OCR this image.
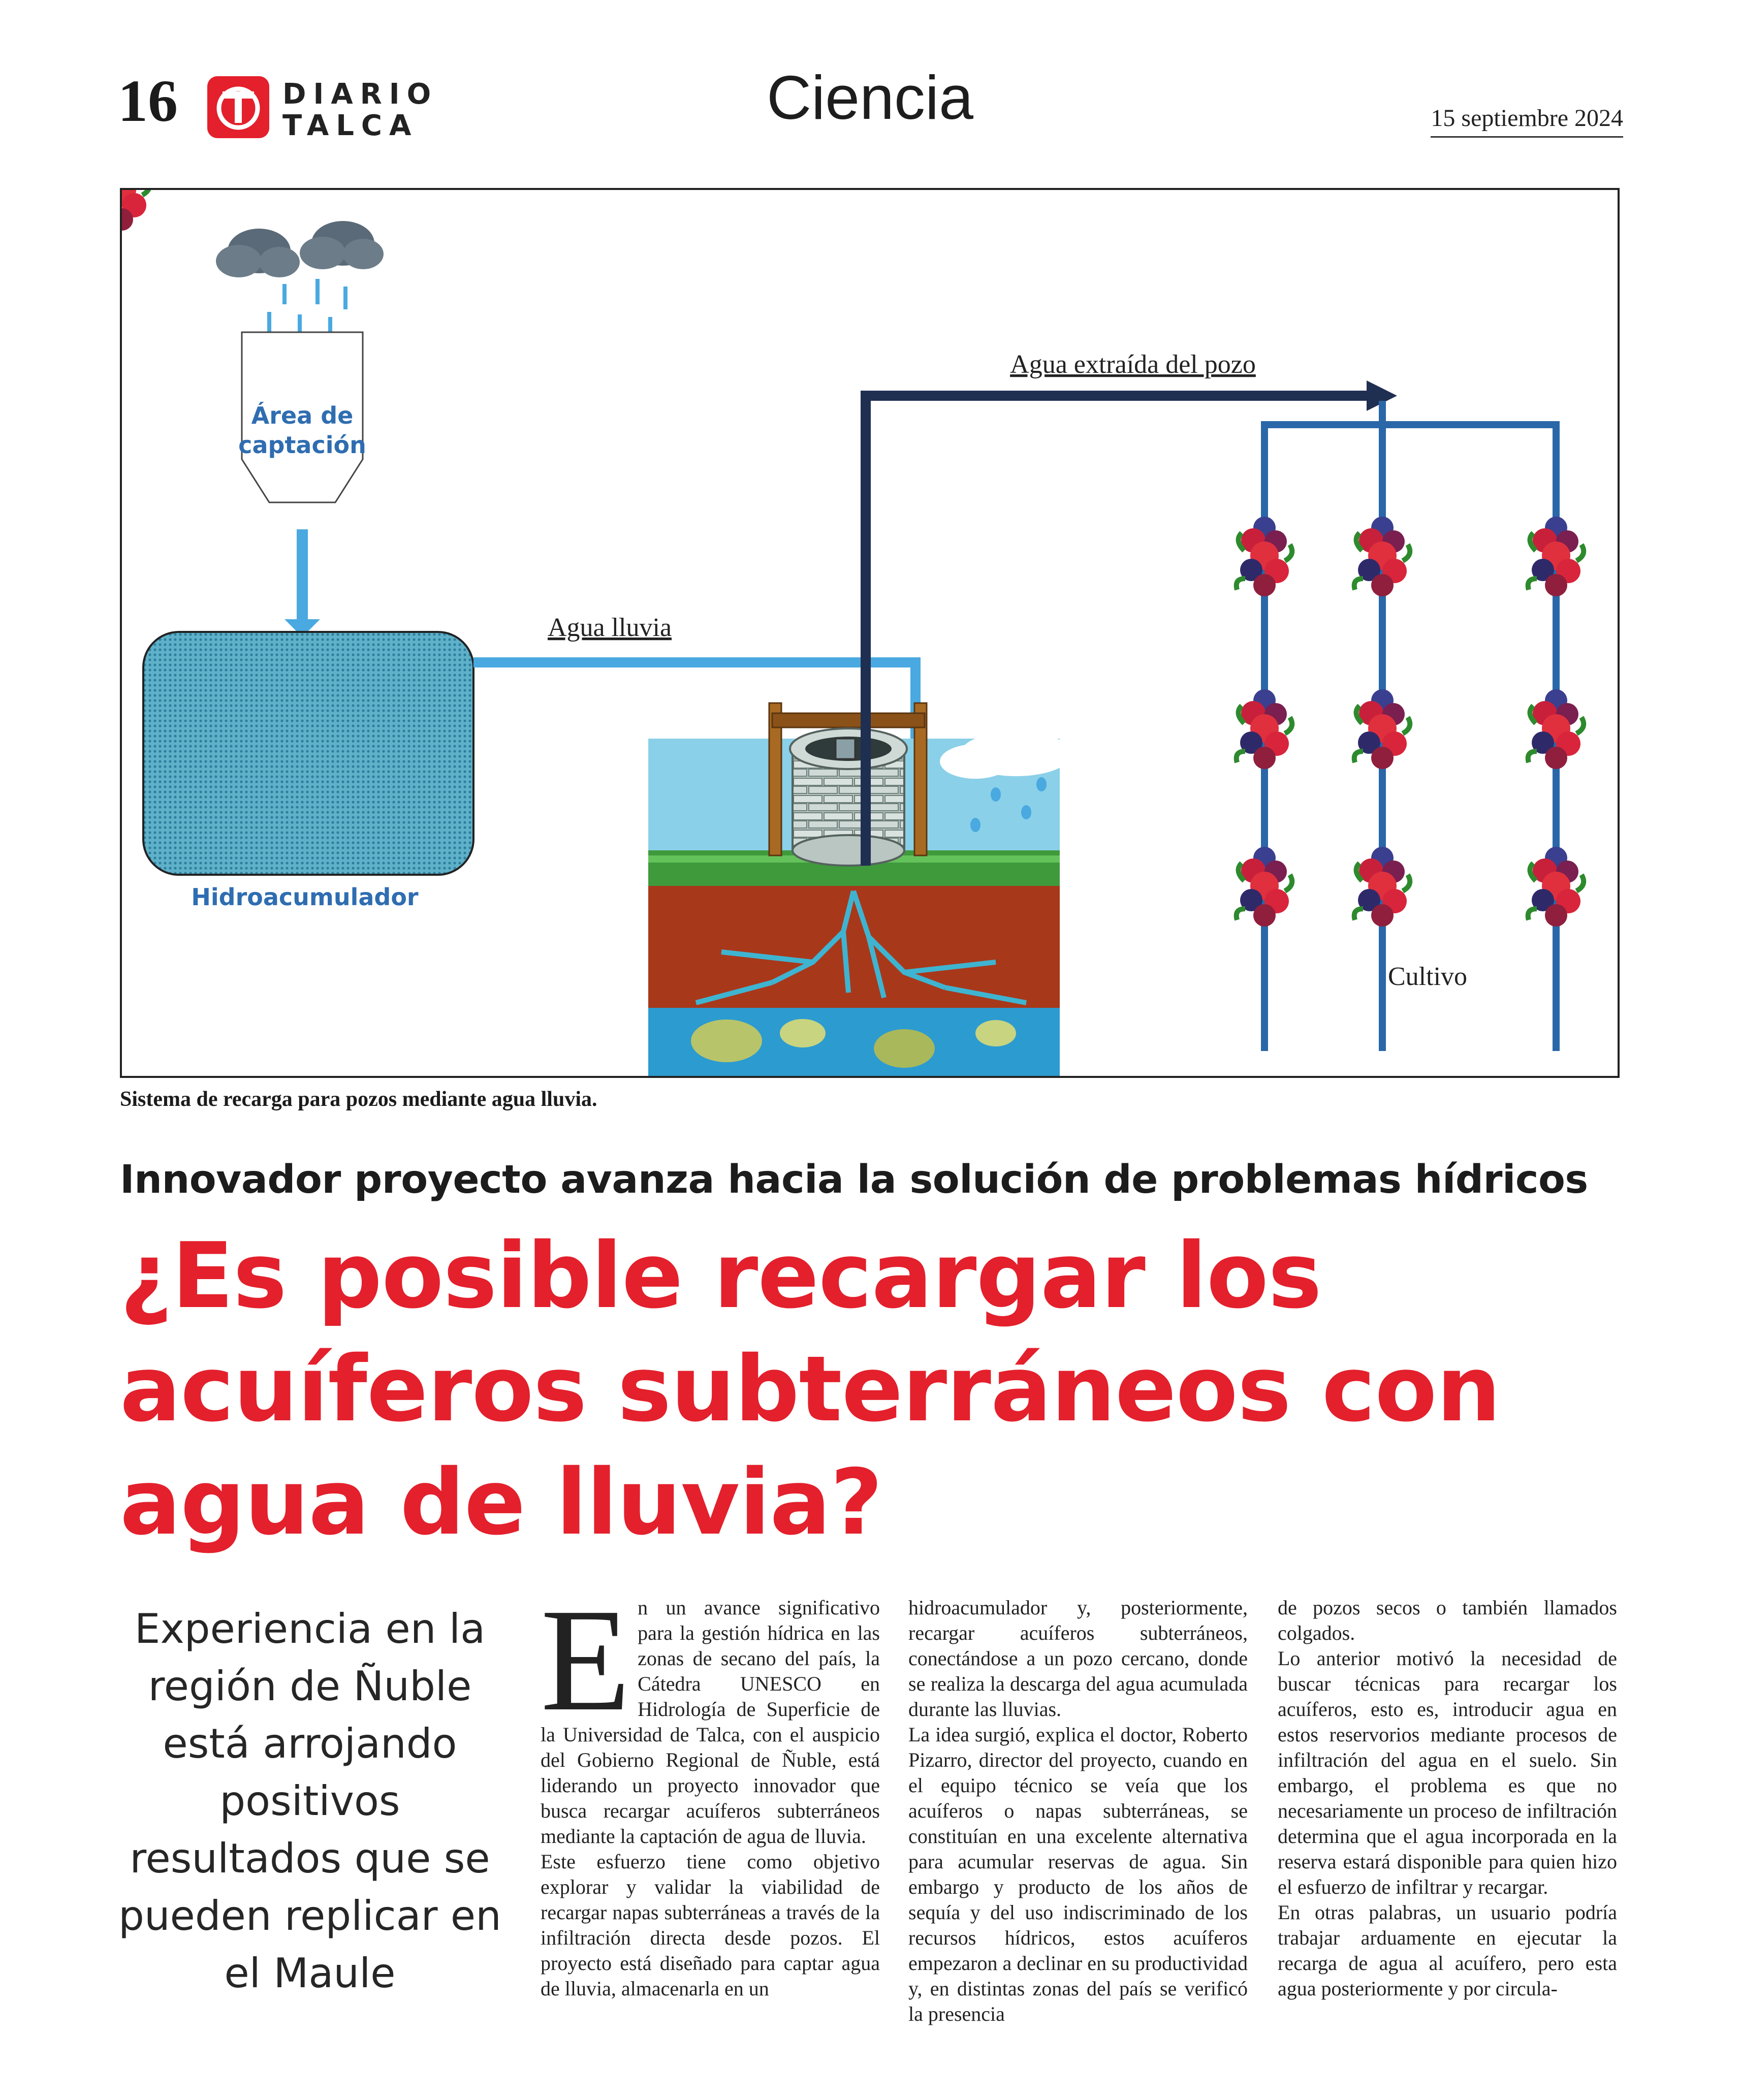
16	DIARIO
TALCA	Ciencia	15 septiembre 2024
Área de
captación
Hidroacumulador
Agua lluvia
Agua extraída del pozo
Cultivo
Sistema de recarga para pozos mediante agua lluvia.
Innovador proyecto avanza hacia la solución de problemas hídricos
¿Es posible recargar los
acuíferos subterráneos con
agua de lluvia?
Experiencia en la región de Ñuble está arrojando positivos resultados que se pueden replicar en el Maule
E n un avance significativo para la gestión hídrica en las zonas de secano del país, la Cátedra UNESCO en Hidrología de Superficie de la Universidad de Talca, con el auspicio del Gobierno Regional de Ñuble, está liderando un proyecto innovador que busca recargar acuíferos subterráneos mediante la captación de agua de lluvia.

Este esfuerzo tiene como objetivo explorar y validar la viabilidad de recargar napas subterráneas a través de la infiltración directa desde pozos. El proyecto está diseñado para captar agua de lluvia, almacenarla en un

hidroacumulador y, posteriormente, recargar acuíferos subterráneos, conectándose a un pozo cercano, donde se realiza la descarga del agua acumulada durante las lluvias.

La idea surgió, explica el doctor, Roberto Pizarro, director del proyecto, cuando en el equipo técnico se veía que los acuíferos o napas subterráneas, se constituían en una excelente alternativa para acumular reservas de agua. Sin embargo y producto de los años de sequía y del uso indiscriminado de los recursos hídricos, estos acuíferos empezaron a declinar en su productividad y, en distintas zonas del país se verificó la presencia

de pozos secos o también llamados colgados.

Lo anterior motivó la necesidad de buscar técnicas para recargar los acuíferos, esto es, introducir agua en estos reservorios mediante procesos de infiltración del agua en el suelo. Sin embargo, el problema es que no necesariamente un proceso de infiltración determina que el agua incorporada en la reserva estará disponible para quien hizo el esfuerzo de infiltrar y recargar.

En otras palabras, un usuario podría trabajar arduamente en ejecutar la recarga de agua al acuífero, pero esta agua posteriormente y por circula-
